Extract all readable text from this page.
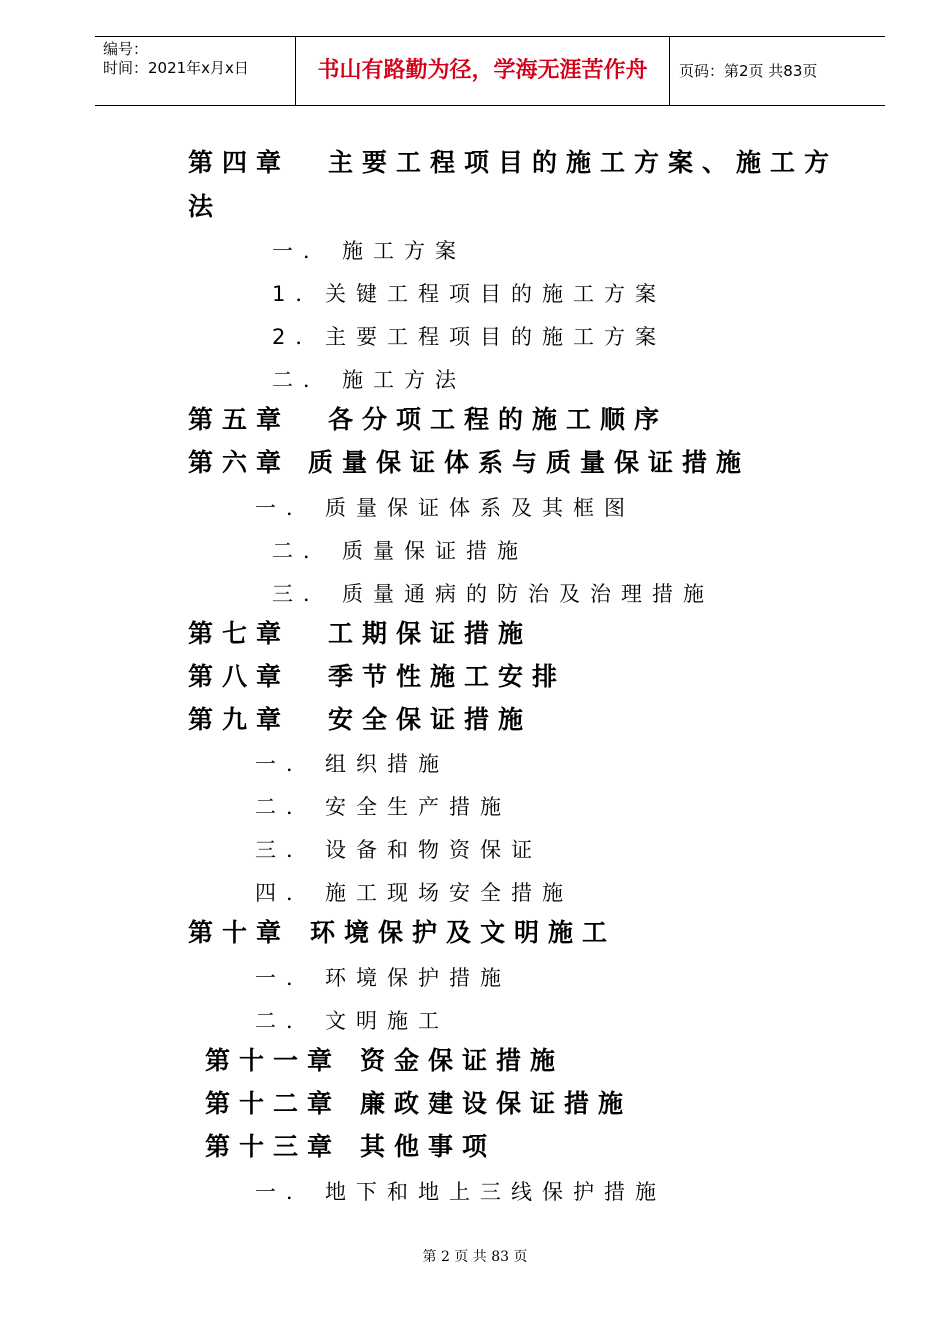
编号：
时间：2021年x月x日	书山有路勤为径，学海无涯苦作舟	页码：第2页 共83页
第四章 主要工程项目的施工方案、施工方
法
一． 施工方案
1．关键工程项目的施工方案
2．主要工程项目的施工方案
二． 施工方法
第五章 各分项工程的施工顺序
第六章 质量保证体系与质量保证措施
一． 质量保证体系及其框图
二． 质量保证措施
三． 质量通病的防治及治理措施
第七章 工期保证措施
第八章 季节性施工安排
第九章 安全保证措施
一． 组织措施
二． 安全生产措施
三． 设备和物资保证
四． 施工现场安全措施
第十章 环境保护及文明施工
一． 环境保护措施
二． 文明施工
第十一章 资金保证措施
第十二章 廉政建设保证措施
第十三章 其他事项
一． 地下和地上三线保护措施
第 2 页 共 83 页
